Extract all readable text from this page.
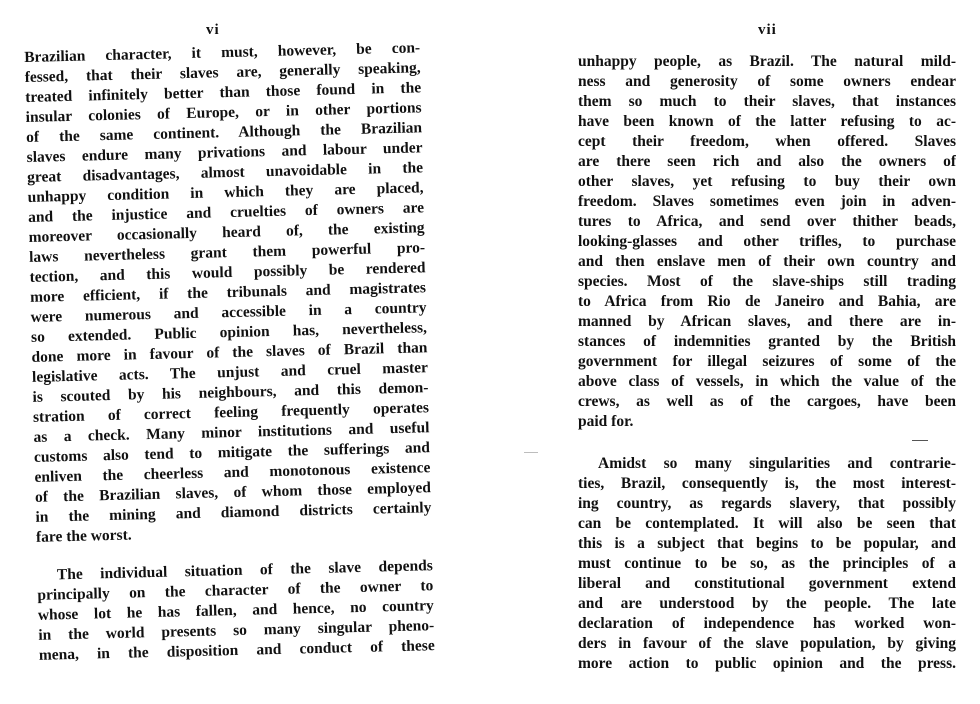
vi
Brazilian character, it must, however, be con-
fessed, that their slaves are, generally speaking,
treated infinitely better than those found in the
insular colonies of Europe, or in other portions
of the same continent. Although the Brazilian
slaves endure many privations and labour under
great disadvantages, almost unavoidable in the
unhappy condition in which they are placed,
and the injustice and cruelties of owners are
moreover occasionally heard of, the existing
laws nevertheless grant them powerful pro-
tection, and this would possibly be rendered
more efficient, if the tribunals and magistrates
were numerous and accessible in a country
so extended. Public opinion has, nevertheless,
done more in favour of the slaves of Brazil than
legislative acts. The unjust and cruel master
is scouted by his neighbours, and this demon-
stration of correct feeling frequently operates
as a check. Many minor institutions and useful
customs also tend to mitigate the sufferings and
enliven the cheerless and monotonous existence
of the Brazilian slaves, of whom those employed
in the mining and diamond districts certainly
fare the worst.
The individual situation of the slave depends
principally on the character of the owner to
whose lot he has fallen, and hence, no country
in the world presents so many singular pheno-
mena, in the disposition and conduct of these
vii
unhappy people, as Brazil. The natural mild-
ness and generosity of some owners endear
them so much to their slaves, that instances
have been known of the latter refusing to ac-
cept their freedom, when offered. Slaves
are there seen rich and also the owners of
other slaves, yet refusing to buy their own
freedom. Slaves sometimes even join in adven-
tures to Africa, and send over thither beads,
looking-glasses and other trifles, to purchase
and then enslave men of their own country and
species. Most of the slave-ships still trading
to Africa from Rio de Janeiro and Bahia, are
manned by African slaves, and there are in-
stances of indemnities granted by the British
government for illegal seizures of some of the
above class of vessels, in which the value of the
crews, as well as of the cargoes, have been
paid for.
Amidst so many singularities and contrarie-
ties, Brazil, consequently is, the most interest-
ing country, as regards slavery, that possibly
can be contemplated. It will also be seen that
this is a subject that begins to be popular, and
must continue to be so, as the principles of a
liberal and constitutional government extend
and are understood by the people. The late
declaration of independence has worked won-
ders in favour of the slave population, by giving
more action to public opinion and the press.
